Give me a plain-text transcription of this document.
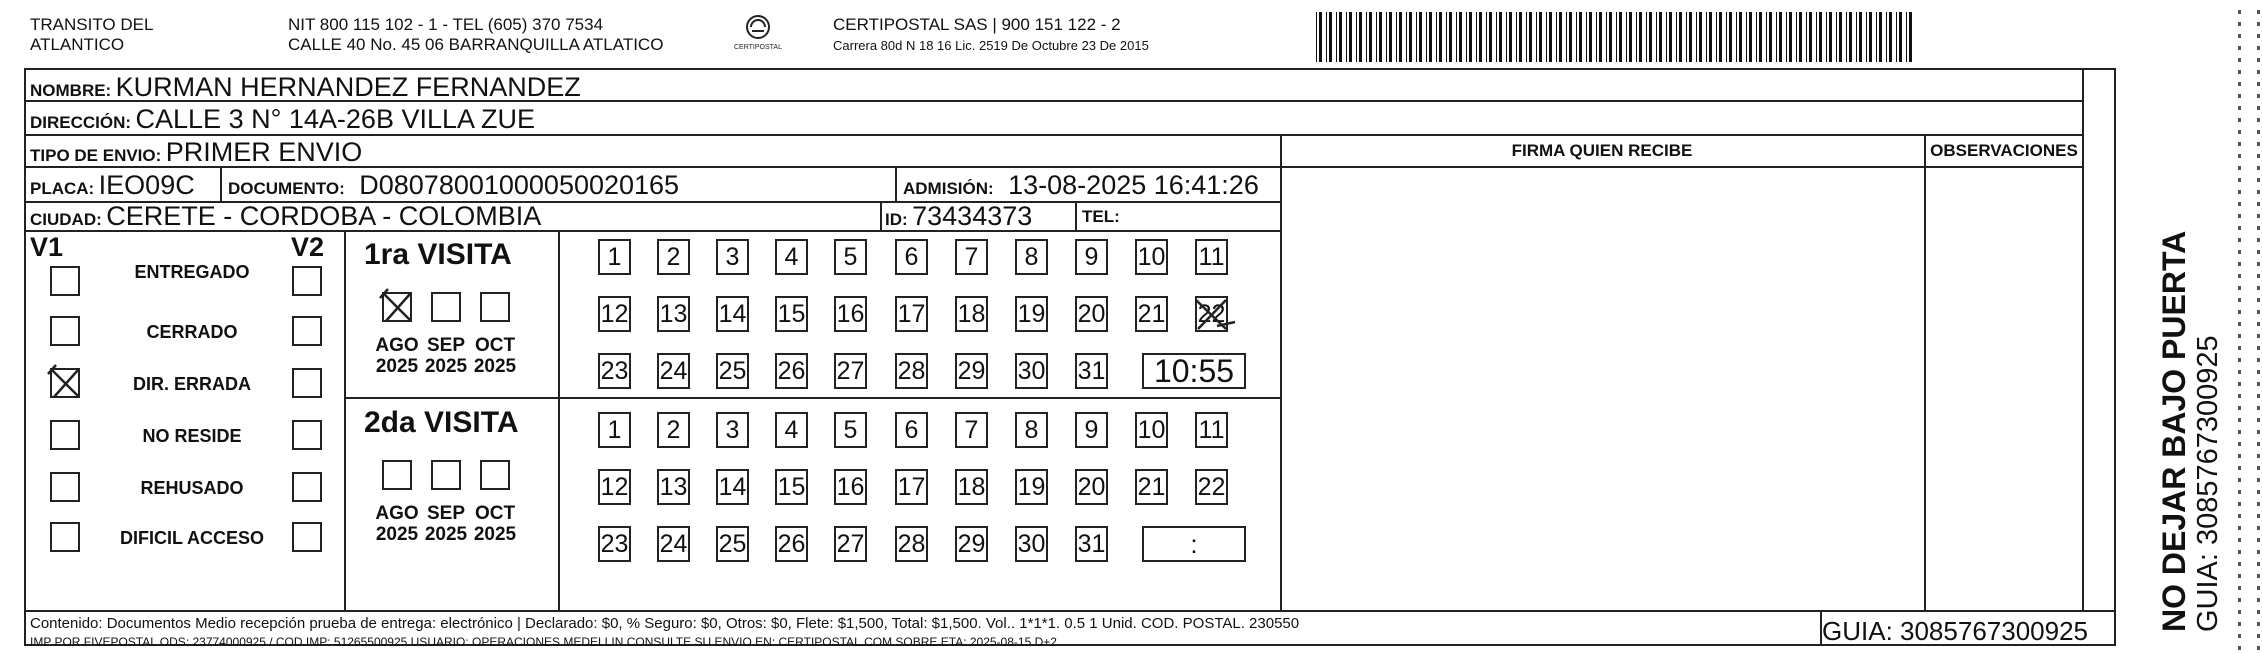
TRANSITO DEL
ATLANTICO
NIT 800 115 102 - 1 - TEL (605) 370 7534
CALLE 40 No. 45 06 BARRANQUILLA ATLATICO	CERTIPOSTAL
CERTIPOSTAL SAS | 900 151 122 - 2
Carrera 80d N 18 16 Lic. 2519 De Octubre 23 De 2015
NOMBRE: KURMAN HERNANDEZ FERNANDEZ
DIRECCIÓN: CALLE 3 N° 14A-26B VILLA ZUE
TIPO DE ENVIO: PRIMER ENVIO
PLACA: IEO09C DOCUMENTO: D08078001000050020165	ADMISIÓN: 13-08-2025 16:41:26
CIUDAD: CERETE - CORDOBA - COLOMBIA	ID: 73434373	TEL:
FIRMA QUIEN RECIBE	OBSERVACIONES
V1	V2
ENTREGADO
CERRADO
DIR. ERRADA
NO RESIDE
REHUSADO
DIFICIL ACCESO
1ra VISITA
2da VISITA
AGO
2025
SEP
2025
OCT
2025
AGO
2025
SEP
2025
OCT
2025
1	2	3	4	5	6	7	8	9	10 11
12 13 14 15 16 17 18 19 20 21 22
23 24 25 26 27 28 29 30 31	10:55
1	2	3	4	5	6	7	8	9	10 11
12 13 14 15 16 17 18 19 20 21 22
23 24 25 26 27 28 29 30 31	:
Contenido: Documentos Medio recepción prueba de entrega: electrónico | Declarado: $0, % Seguro: $0, Otros: $0, Flete: $1,500, Total: $1,500. Vol.. 1*1*1. 0.5 1 Unid. COD. POSTAL. 230550
IMP POR FIVEPOSTAL ODS: 23774000925 / COD.IMP: 51265500925 USUARIO: OPERACIONES MEDELLIN CONSULTE SU ENVIO EN: CERTIPOSTAL.COM SOBRE ETA: 2025-08-15 D+2	GUIA: 3085767300925 NO DEJAR BAJO PUERTA GUIA: 3085767300925
